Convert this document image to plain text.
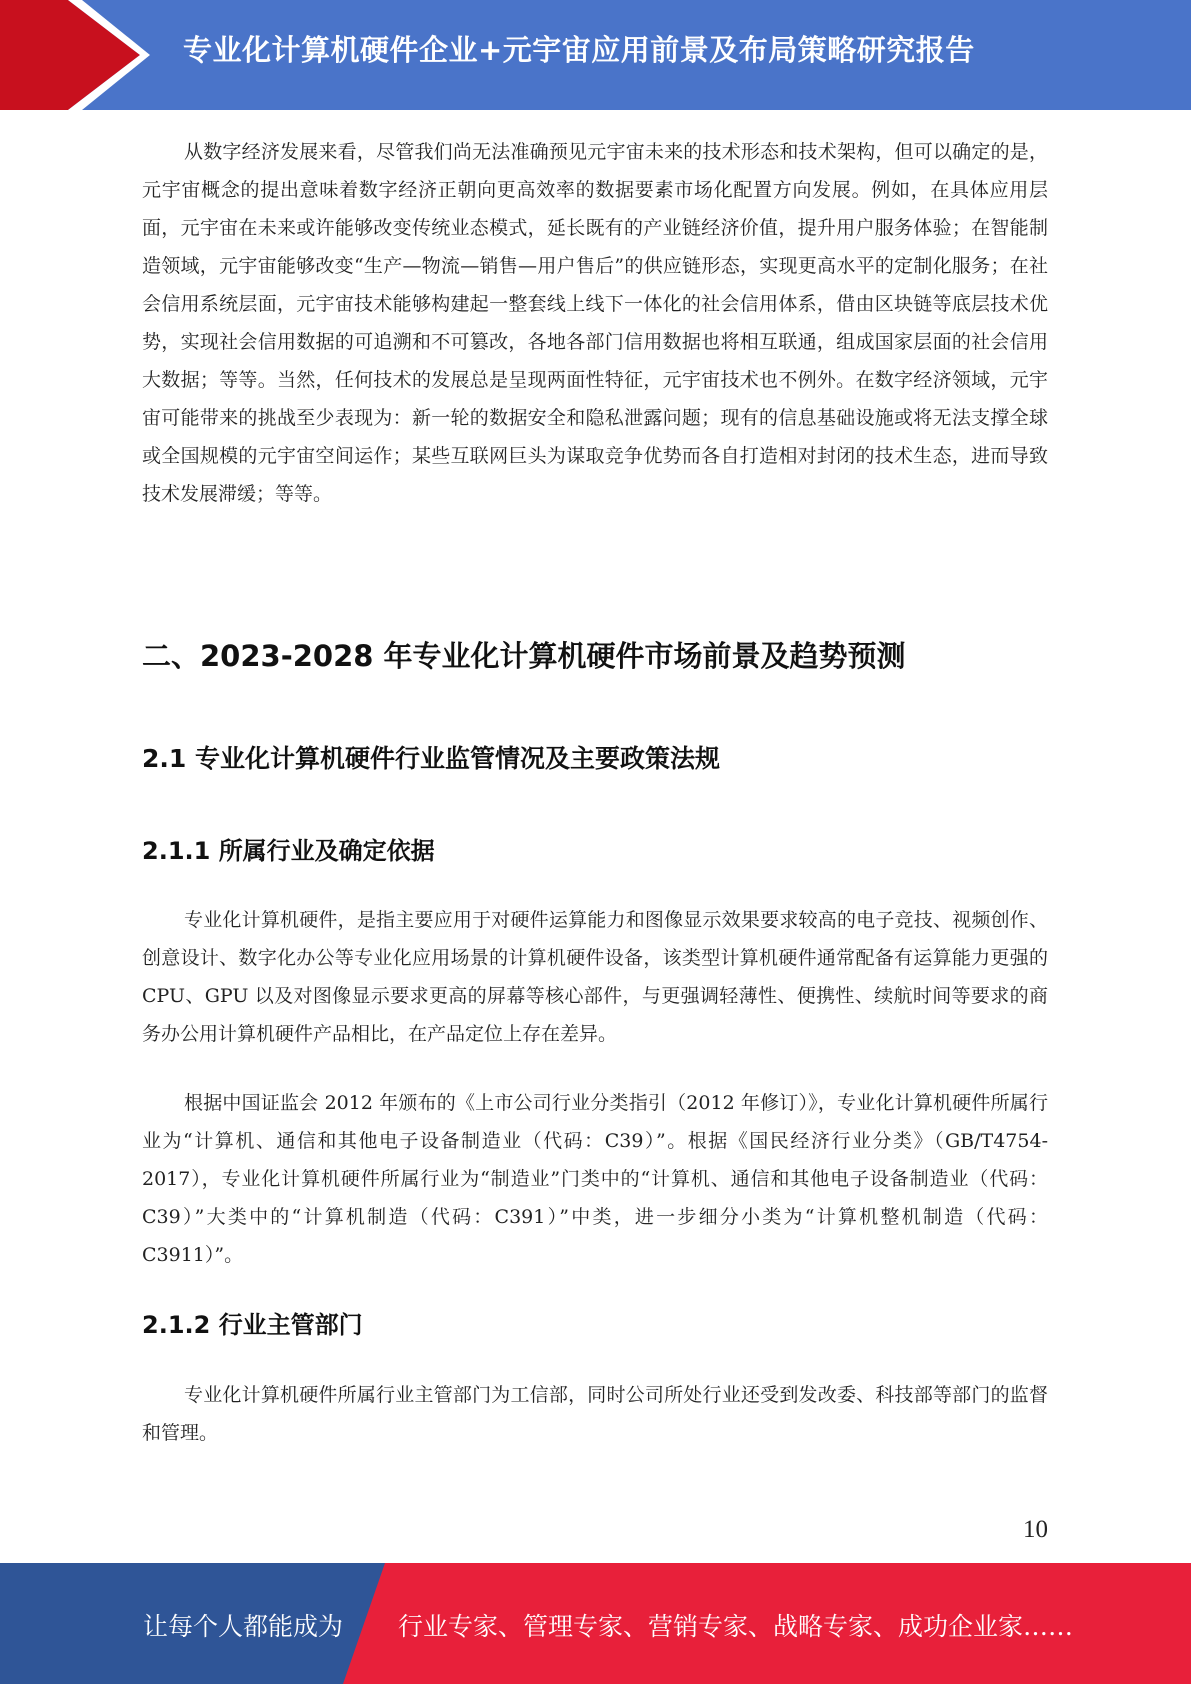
专业化计算机硬件企业+元宇宙应用前景及布局策略研究报告

从数字经济发展来看，尽管我们尚无法准确预见元宇宙未来的技术形态和技术架构，但可以确定的是，元宇宙概念的提出意味着数字经济正朝向更高效率的数据要素市场化配置方向发展。例如，在具体应用层面，元宇宙在未来或许能够改变传统业态模式，延长既有的产业链经济价值，提升用户服务体验；在智能制造领域，元宇宙能够改变“生产—物流—销售—用户售后”的供应链形态，实现更高水平的定制化服务；在社会信用系统层面，元宇宙技术能够构建起一整套线上线下一体化的社会信用体系，借由区块链等底层技术优势，实现社会信用数据的可追溯和不可篡改，各地各部门信用数据也将相互联通，组成国家层面的社会信用大数据；等等。当然，任何技术的发展总是呈现两面性特征，元宇宙技术也不例外。在数字经济领域，元宇宙可能带来的挑战至少表现为：新一轮的数据安全和隐私泄露问题；现有的信息基础设施或将无法支撑全球或全国规模的元宇宙空间运作；某些互联网巨头为谋取竞争优势而各自打造相对封闭的技术生态，进而导致技术发展滞缓；等等。

二、2023-2028 年专业化计算机硬件市场前景及趋势预测
2.1 专业化计算机硬件行业监管情况及主要政策法规
2.1.1 所属行业及确定依据

专业化计算机硬件，是指主要应用于对硬件运算能力和图像显示效果要求较高的电子竞技、视频创作、创意设计、数字化办公等专业化应用场景的计算机硬件设备，该类型计算机硬件通常配备有运算能力更强的 CPU、GPU 以及对图像显示要求更高的屏幕等核心部件，与更强调轻薄性、便携性、续航时间等要求的商务办公用计算机硬件产品相比，在产品定位上存在差异。

根据中国证监会 2012 年颁布的《上市公司行业分类指引（2012 年修订）》，专业化计算机硬件所属行业为“计算机、通信和其他电子设备制造业（代码：C39）”。根据《国民经济行业分类》（GB/T4754-2017），专业化计算机硬件所属行业为“制造业”门类中的“计算机、通信和其他电子设备制造业（代码：C39）”大类中的“计算机制造（代码：C391）”中类，进一步细分小类为“计算机整机制造（代码：C3911）”。

2.1.2 行业主管部门

专业化计算机硬件所属行业主管部门为工信部，同时公司所处行业还受到发改委、科技部等部门的监督和管理。

10
让每个人都能成为 行业专家、管理专家、营销专家、战略专家、成功企业家……
